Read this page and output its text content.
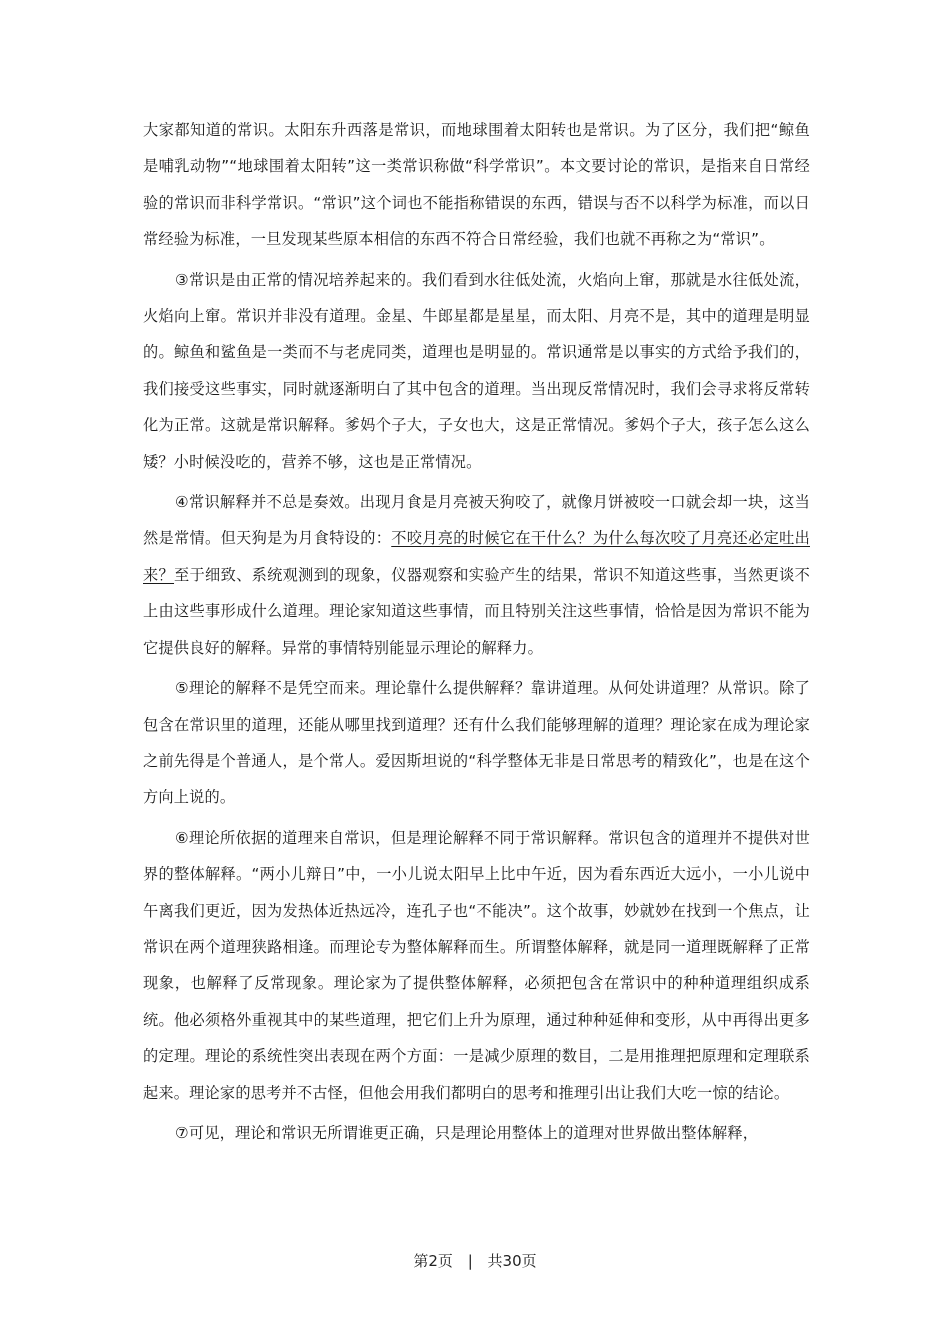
大家都知道的常识。太阳东升西落是常识，而地球围着太阳转也是常识。为了区分，我们把“鲸鱼是哺乳动物”“地球围着太阳转”这一类常识称做“科学常识”。本文要讨论的常识，是指来自日常经验的常识而非科学常识。“常识”这个词也不能指称错误的东西，错误与否不以科学为标准，而以日常经验为标准，一旦发现某些原本相信的东西不符合日常经验，我们也就不再称之为“常识”。

③常识是由正常的情况培养起来的。我们看到水往低处流，火焰向上窜，那就是水往低处流，火焰向上窜。常识并非没有道理。金星、牛郎星都是星星，而太阳、月亮不是，其中的道理是明显的。鲸鱼和鲨鱼是一类而不与老虎同类，道理也是明显的。常识通常是以事实的方式给予我们的，我们接受这些事实，同时就逐渐明白了其中包含的道理。当出现反常情况时，我们会寻求将反常转化为正常。这就是常识解释。爹妈个子大，子女也大，这是正常情况。爹妈个子大，孩子怎么这么矮？小时候没吃的，营养不够，这也是正常情况。

④常识解释并不总是奏效。出现月食是月亮被天狗咬了，就像月饼被咬一口就会却一块，这当然是常情。但天狗是为月食特设的：不咬月亮的时候它在干什么？为什么每次咬了月亮还必定吐出来？至于细致、系统观测到的现象，仪器观察和实验产生的结果，常识不知道这些事，当然更谈不上由这些事形成什么道理。理论家知道这些事情，而且特别关注这些事情，恰恰是因为常识不能为它提供良好的解释。异常的事情特别能显示理论的解释力。

⑤理论的解释不是凭空而来。理论靠什么提供解释？靠讲道理。从何处讲道理？从常识。除了包含在常识里的道理，还能从哪里找到道理？还有什么我们能够理解的道理？理论家在成为理论家之前先得是个普通人，是个常人。爱因斯坦说的“科学整体无非是日常思考的精致化”，也是在这个方向上说的。

⑥理论所依据的道理来自常识，但是理论解释不同于常识解释。常识包含的道理并不提供对世界的整体解释。“两小儿辩日”中，一小儿说太阳早上比中午近，因为看东西近大远小，一小儿说中午离我们更近，因为发热体近热远冷，连孔子也“不能决”。这个故事，妙就妙在找到一个焦点，让常识在两个道理狭路相逢。而理论专为整体解释而生。所谓整体解释，就是同一道理既解释了正常现象，也解释了反常现象。理论家为了提供整体解释，必须把包含在常识中的种种道理组织成系统。他必须格外重视其中的某些道理，把它们上升为原理，通过种种延伸和变形，从中再得出更多的定理。理论的系统性突出表现在两个方面：一是减少原理的数目，二是用推理把原理和定理联系起来。理论家的思考并不古怪，但他会用我们都明白的思考和推理引出让我们大吃一惊的结论。

⑦可见，理论和常识无所谓谁更正确，只是理论用整体上的道理对世界做出整体解释，

第2页 | 共30页
